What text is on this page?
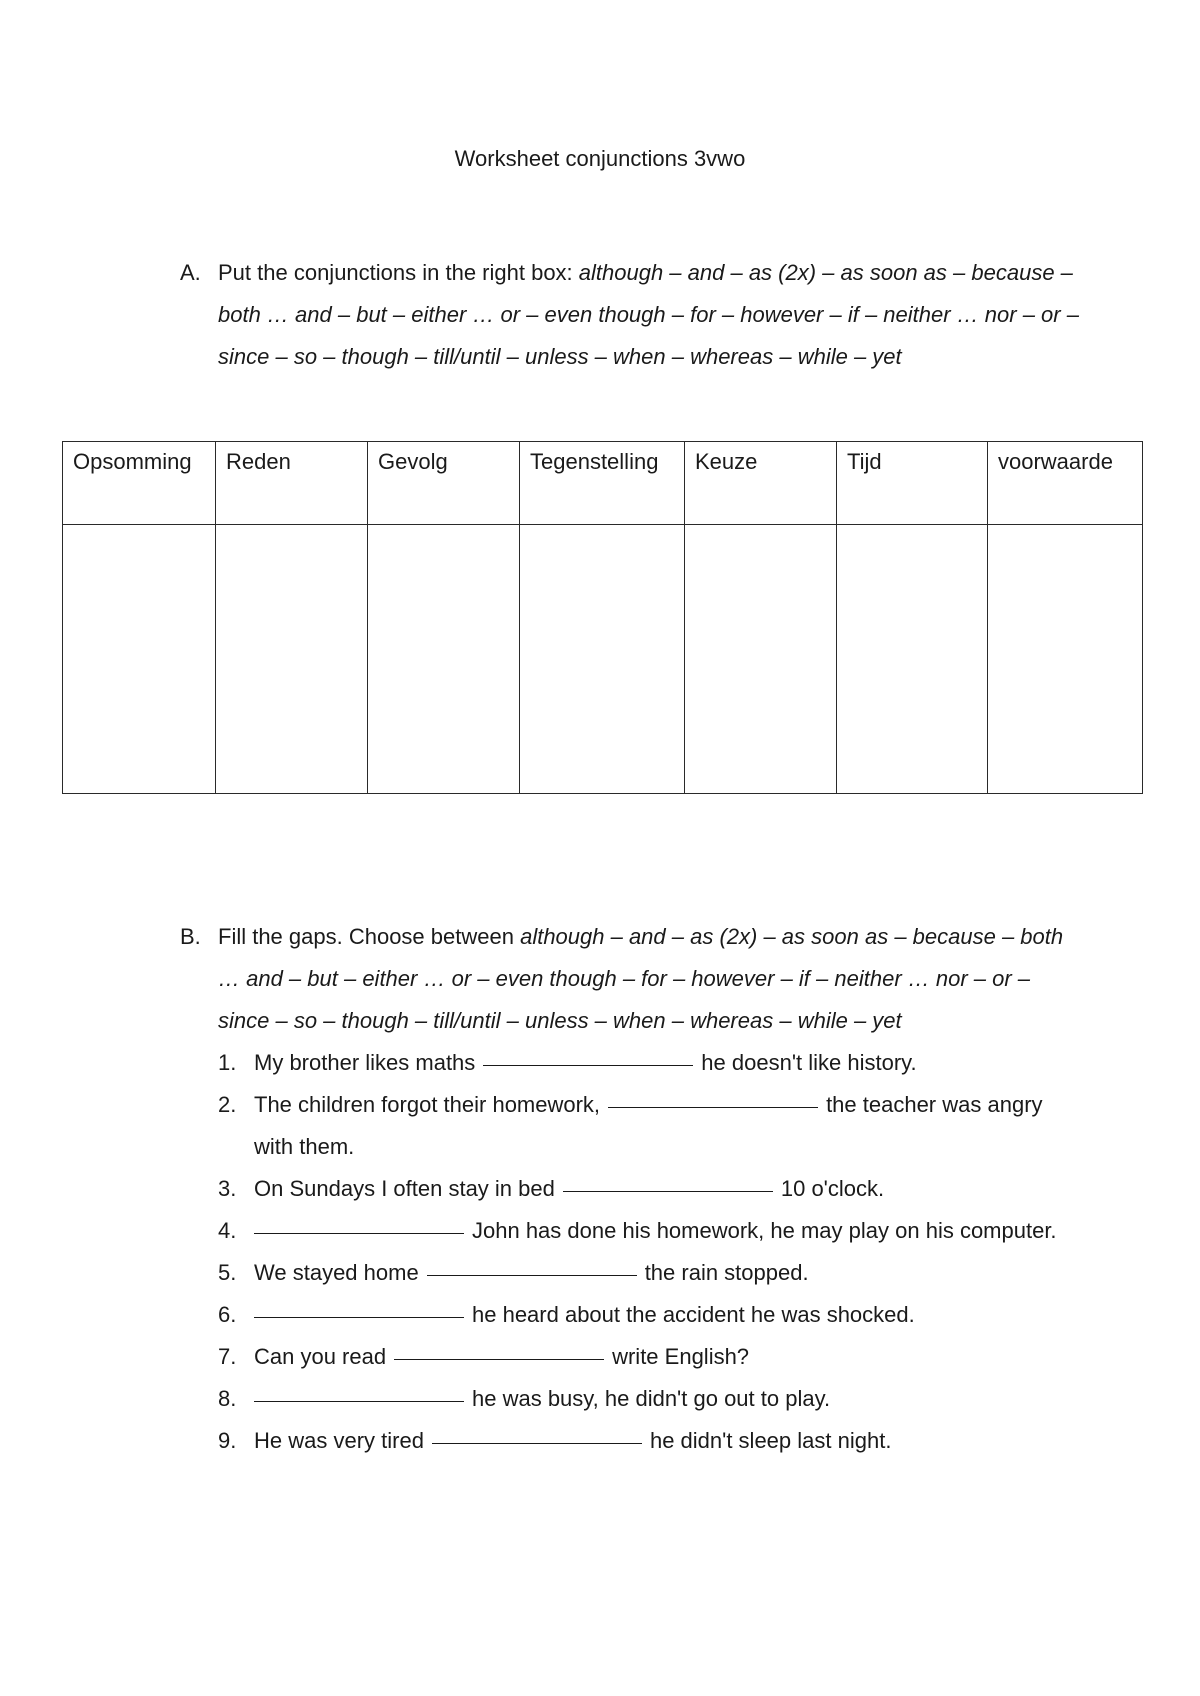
Worksheet conjunctions 3vwo
A. Put the conjunctions in the right box: although – and – as (2x) – as soon as – because – both … and – but – either … or – even though – for – however – if – neither … nor – or – since – so – though – till/until – unless – when – whereas – while – yet
Opsomming	Reden	Gevolg	Tegenstelling	Keuze	Tijd	voorwaarde

B. Fill the gaps. Choose between although – and – as (2x) – as soon as – because – both … and – but – either … or – even though – for – however – if – neither … nor – or – since – so – though – till/until – unless – when – whereas – while – yet
1. My brother likes maths	he doesn't like history.
2. The children forgot their homework,	the teacher was angry with them.
3. On Sundays I often stay in bed	10 o'clock.
4.	John has done his homework, he may play on his computer.
5. We stayed home	the rain stopped.
6.	he heard about the accident he was shocked.
7. Can you read	write English?
8.	he was busy, he didn't go out to play.
9. He was very tired	he didn't sleep last night.
